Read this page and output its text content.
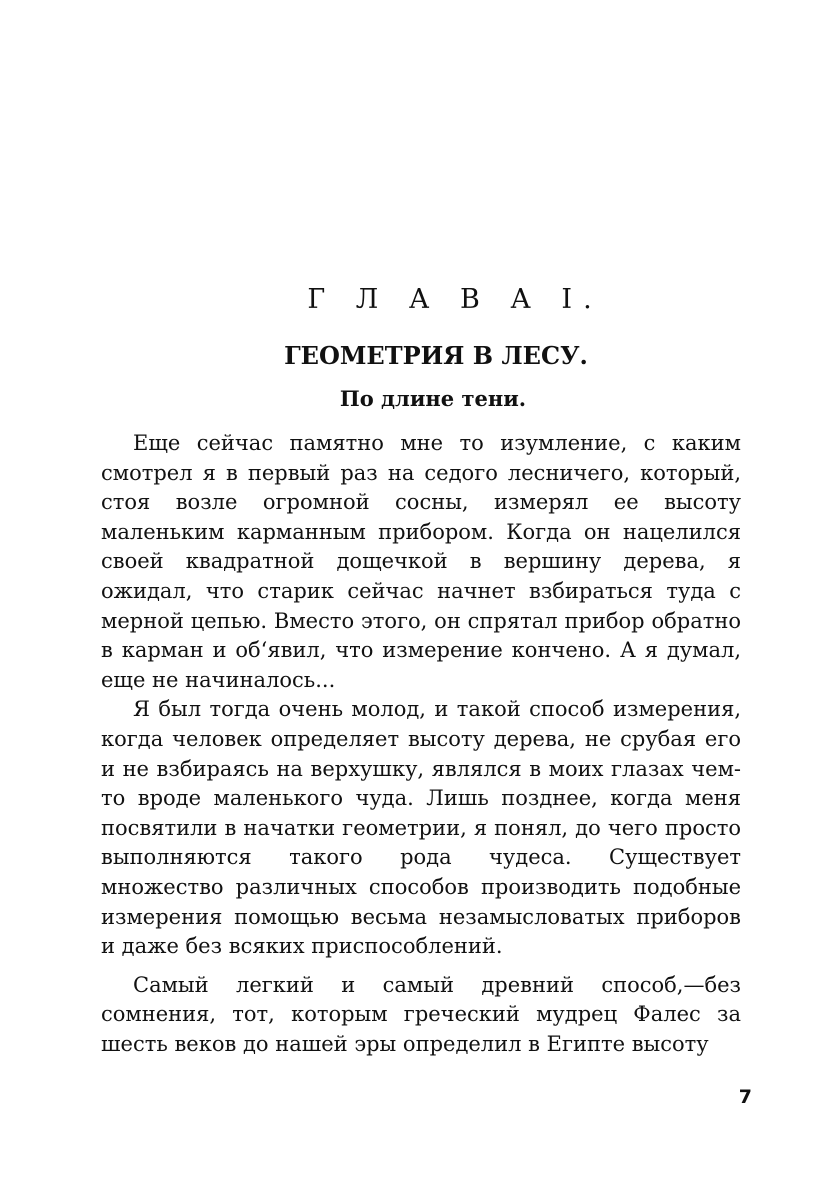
Г Л А В А I.
ГЕОМЕТРИЯ В ЛЕСУ.
По длине тени.

Еще сейчас памятно мне то изумление, с каким смотрел я в первый раз на седого лесничего, который, стоя возле огромной сосны, измерял ее высоту маленьким карманным прибором. Когда он нацелился своей квадратной дощечкой в вершину дерева, я ожидал, что старик сейчас начнет взбираться туда с мерной цепью. Вместо этого, он спрятал прибор обратно в карман и об‘явил, что измерение кончено. А я думал, еще не начиналось...

Я был тогда очень молод, и такой способ измерения, когда человек определяет высоту дерева, не срубая его и не взбираясь на верхушку, являлся в моих глазах чем-то вроде маленького чуда. Лишь позднее, когда меня посвятили в начатки геометрии, я понял, до чего просто выполняются такого рода чудеса. Существует множество различных способов производить подобные измерения помощью весьма незамысловатых приборов и даже без всяких приспособлений.

Самый легкий и самый древний способ,—без сомнения, тот, которым греческий мудрец Фалес за шесть веков до нашей эры определил в Египте высоту

7
